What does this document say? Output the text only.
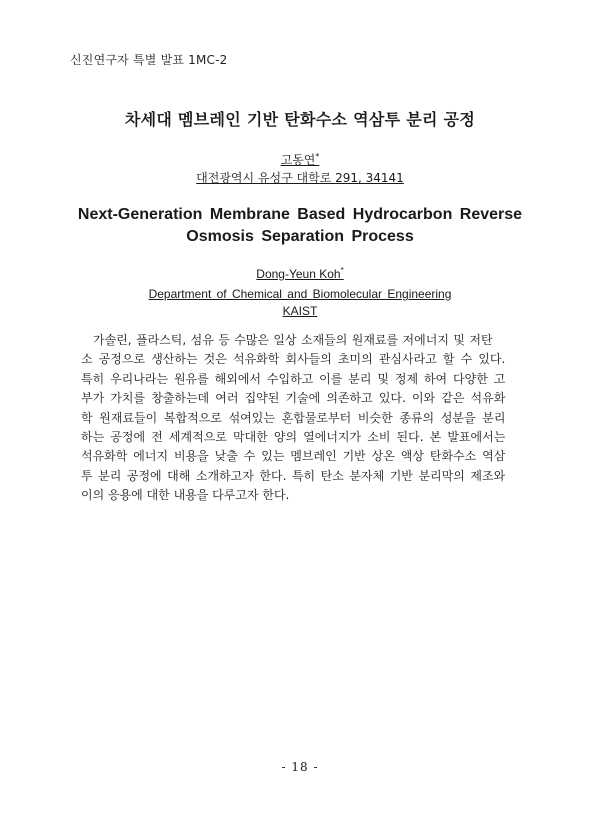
신진연구자 특별 발표 1MC-2
차세대 멤브레인 기반 탄화수소 역삼투 분리 공정
고동연*
대전광역시 유성구 대학로 291, 34141
Next-Generation Membrane Based Hydrocarbon Reverse
Osmosis Separation Process
Dong-Yeun Koh*
Department of Chemical and Biomolecular Engineering
KAIST
가솔린, 플라스틱, 섬유 등 수많은 일상 소재들의 원재료를 저에너지 및 저탄
소 공정으로 생산하는 것은 석유화학 회사들의 초미의 관심사라고 할 수 있다.
특히 우리나라는 원유를 해외에서 수입하고 이를 분리 및 정제 하여 다양한 고
부가 가치를 창출하는데 여러 집약된 기술에 의존하고 있다. 이와 같은 석유화
학 원재료들이 복합적으로 섞여있는 혼합물로부터 비슷한 종류의 성분을 분리
하는 공정에 전 세계적으로 막대한 양의 열에너지가 소비 된다. 본 발표에서는
석유화학 에너지 비용을 낮출 수 있는 멤브레인 기반 상온 액상 탄화수소 역삼
투 분리 공정에 대해 소개하고자 한다. 특히 탄소 분자체 기반 분리막의 제조와
이의 응용에 대한 내용을 다루고자 한다.
- 18 -
